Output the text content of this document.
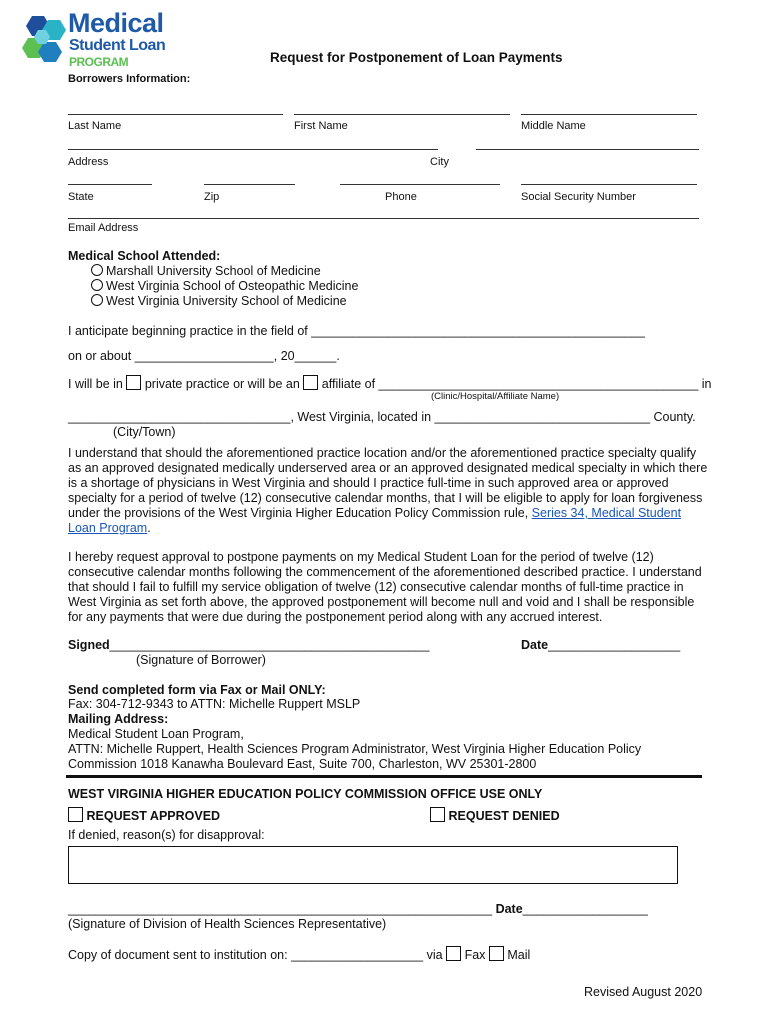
Medical
Student Loan
PROGRAM	Request for Postponement of Loan Payments
Borrowers Information:
Last Name	First Name	Middle Name
Address	City
State	Zip	Phone	Social Security Number
Email Address
Medical School Attended:
Marshall University School of Medicine
West Virginia School of Osteopathic Medicine
West Virginia University School of Medicine
I anticipate beginning practice in the field of ________________________________________________
on or about ____________________, 20______.
I will be in private practice or will be an affiliate of ______________________________________________ in
(Clinic/Hospital/Affiliate Name)
________________________________, West Virginia, located in _______________________________ County.
(City/Town)
I understand that should the aforementioned practice location and/or the aforementioned practice specialty qualify as an approved designated medically underserved area or an approved designated medical specialty in which there is a shortage of physicians in West Virginia and should I practice full-time in such approved area or approved specialty for a period of twelve (12) consecutive calendar months, that I will be eligible to apply for loan forgiveness under the provisions of the West Virginia Higher Education Policy Commission rule, Series 34, Medical Student Loan Program.
I hereby request approval to postpone payments on my Medical Student Loan for the period of twelve (12) consecutive calendar months following the commencement of the aforementioned described practice. I understand that should I fail to fulfill my service obligation of twelve (12) consecutive calendar months of full-time practice in West Virginia as set forth above, the approved postponement will become null and void and I shall be responsible for any payments that were due during the postponement period along with any accrued interest.
Signed______________________________________________	Date___________________
(Signature of Borrower)
Send completed form via Fax or Mail ONLY:
Fax: 304-712-9343 to ATTN: Michelle Ruppert MSLP
Mailing Address:
Medical Student Loan Program,
ATTN: Michelle Ruppert, Health Sciences Program Administrator, West Virginia Higher Education Policy
Commission 1018 Kanawha Boulevard East, Suite 700, Charleston, WV 25301-2800
WEST VIRGINIA HIGHER EDUCATION POLICY COMMISSION OFFICE USE ONLY
REQUEST APPROVED	REQUEST DENIED
If denied, reason(s) for disapproval:
_____________________________________________________________ Date__________________
(Signature of Division of Health Sciences Representative)
Copy of document sent to institution on: ___________________ via Fax Mail
Revised August 2020
